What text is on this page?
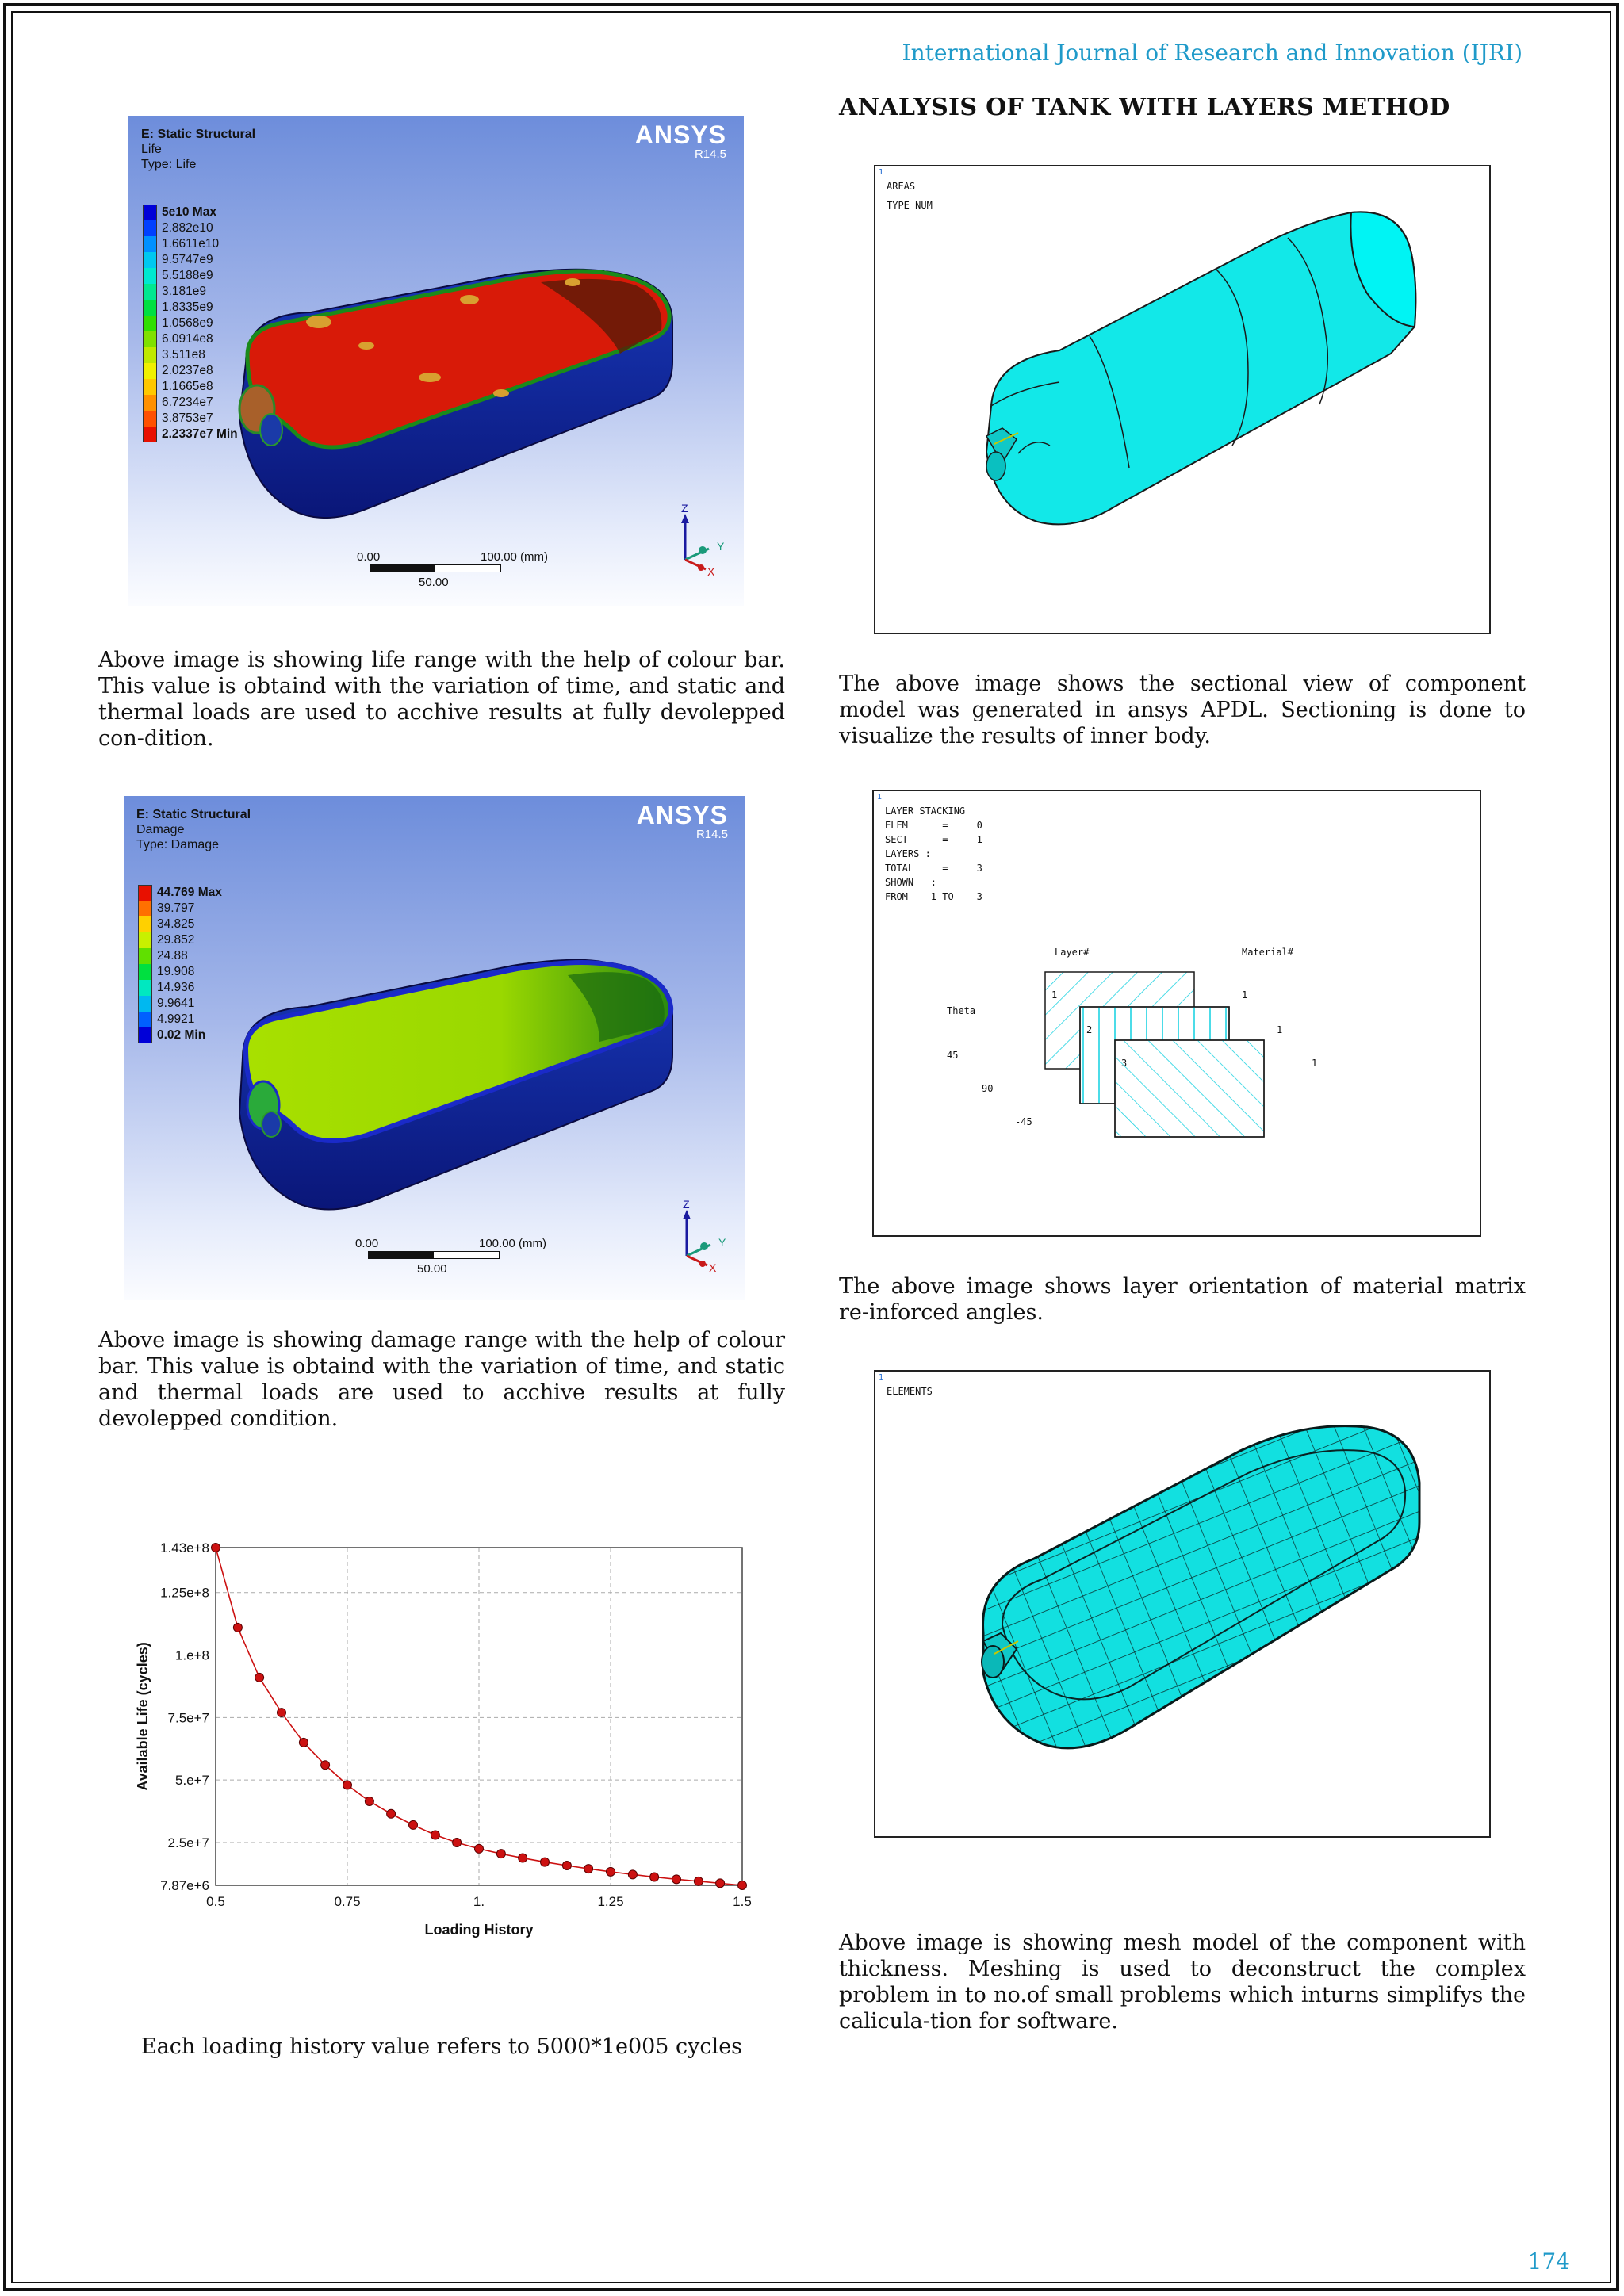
International Journal of Research and Innovation (IJRI)
E: Static Structural
Life
Type: Life
ANSYS
R14.5
5e10 Max
2.882e10
1.6611e10
9.5747e9
5.5188e9
3.181e9
1.8335e9
1.0568e9
6.0914e8
3.511e8
2.0237e8
1.1665e8
6.7234e7
3.8753e7
2.2337e7 Min
Z
Y
X
0.00	100.00 (mm)
50.00
Above image is showing life range with the help of colour bar. This value is obtaind with the variation of time, and static and thermal loads are used to acchive results at fully devolepped con-dition.
E: Static Structural
Damage
Type: Damage
ANSYS
R14.5
44.769 Max
39.797
34.825
29.852
24.88
19.908
14.936
9.9641
4.9921
0.02 Min
Z
Y
X
0.00	100.00 (mm)
50.00
Above image is showing damage range with the help of colour bar. This value is obtaind with the variation of time, and static and thermal loads are used to acchive results at fully devolepped condition.
0.5	0.75	1.	1.25	1.5
1.43e+8
1.25e+8
1.e+8
7.5e+7
5.e+7
2.5e+7
7.87e+6
Loading History
Available Life (cycles)
Each loading history value refers to 5000*1e005 cycles
ANALYSIS OF TANK WITH LAYERS METHOD
1
AREAS
TYPE NUM
The above image shows the sectional view of component model was generated in ansys APDL. Sectioning is done to visualize the results of inner body.
1
LAYER STACKING
ELEM      =     0
SECT      =     1
LAYERS :
TOTAL     =     3
SHOWN   :
FROM    1 TO    3
Layer#	Material#
Theta
1
2
3
1
1
1
45
90
-45
The above image shows layer orientation of material matrix re-inforced angles.
1
ELEMENTS
Above image is showing mesh model of the component with thickness. Meshing is used to deconstruct the complex problem in to no.of small problems which inturns simplifys the calicula-tion for software.
174
